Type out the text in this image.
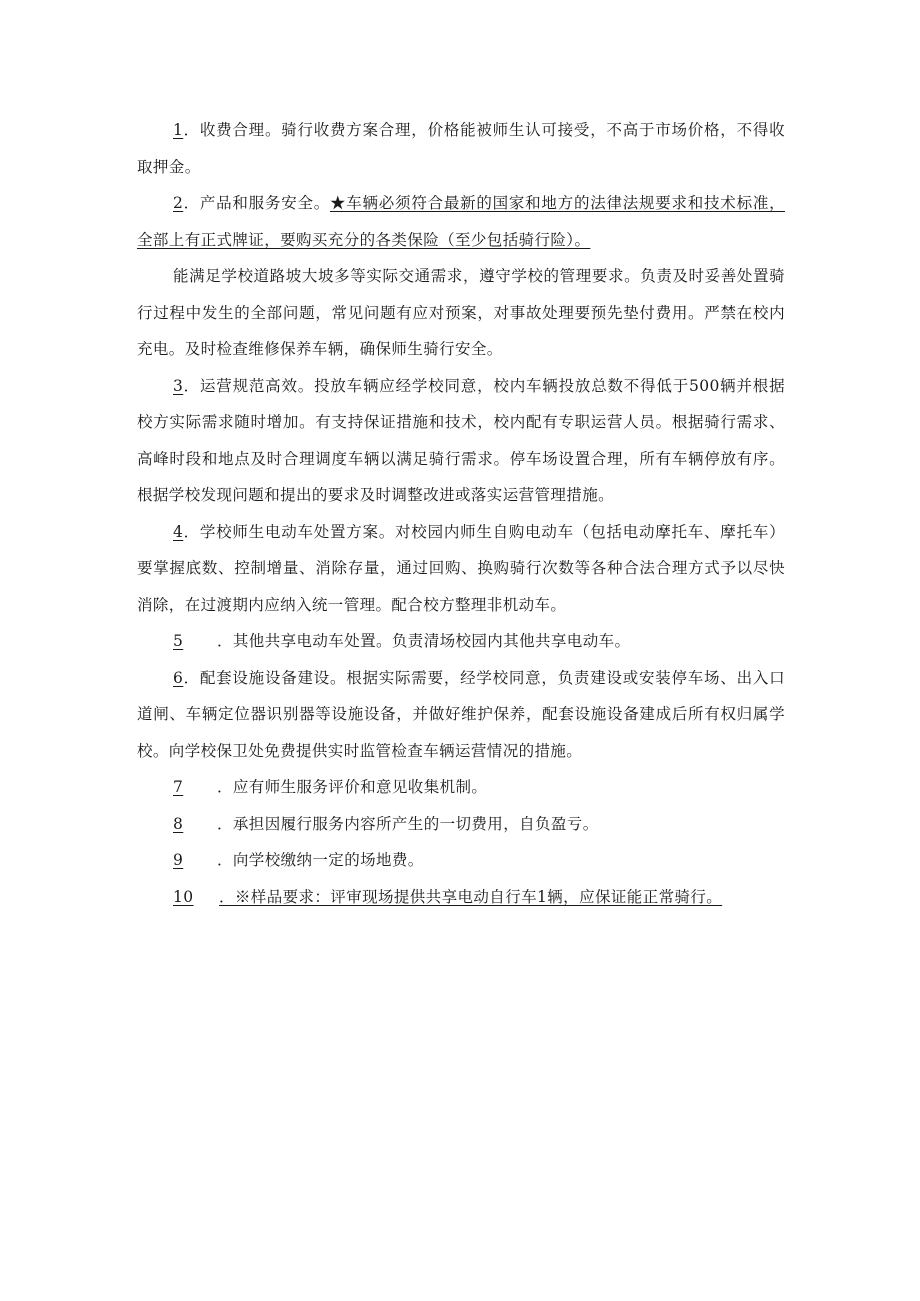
1．收费合理。骑行收费方案合理，价格能被师生认可接受，不高于市场价格，不得收取押金。

2．产品和服务安全。★车辆必须符合最新的国家和地方的法律法规要求和技术标准，全部上有正式牌证，要购买充分的各类保险（至少包括骑行险）。

能满足学校道路坡大坡多等实际交通需求，遵守学校的管理要求。负责及时妥善处置骑行过程中发生的全部问题，常见问题有应对预案，对事故处理要预先垫付费用。严禁在校内充电。及时检查维修保养车辆，确保师生骑行安全。

3．运营规范高效。投放车辆应经学校同意，校内车辆投放总数不得低于500辆并根据校方实际需求随时增加。有支持保证措施和技术，校内配有专职运营人员。根据骑行需求、高峰时段和地点及时合理调度车辆以满足骑行需求。停车场设置合理，所有车辆停放有序。根据学校发现问题和提出的要求及时调整改进或落实运营管理措施。

4．学校师生电动车处置方案。对校园内师生自购电动车（包括电动摩托车、摩托车）要掌握底数、控制增量、消除存量，通过回购、换购骑行次数等各种合法合理方式予以尽快消除，在过渡期内应纳入统一管理。配合校方整理非机动车。

5 ．其他共享电动车处置。负责清场校园内其他共享电动车。

6．配套设施设备建设。根据实际需要，经学校同意，负责建设或安装停车场、出入口道闸、车辆定位器识别器等设施设备，并做好维护保养，配套设施设备建成后所有权归属学校。向学校保卫处免费提供实时监管检查车辆运营情况的措施。

7 ．应有师生服务评价和意见收集机制。

8 ．承担因履行服务内容所产生的一切费用，自负盈亏。

9 ．向学校缴纳一定的场地费。

10 ．※样品要求：评审现场提供共享电动自行车1辆，应保证能正常骑行。
